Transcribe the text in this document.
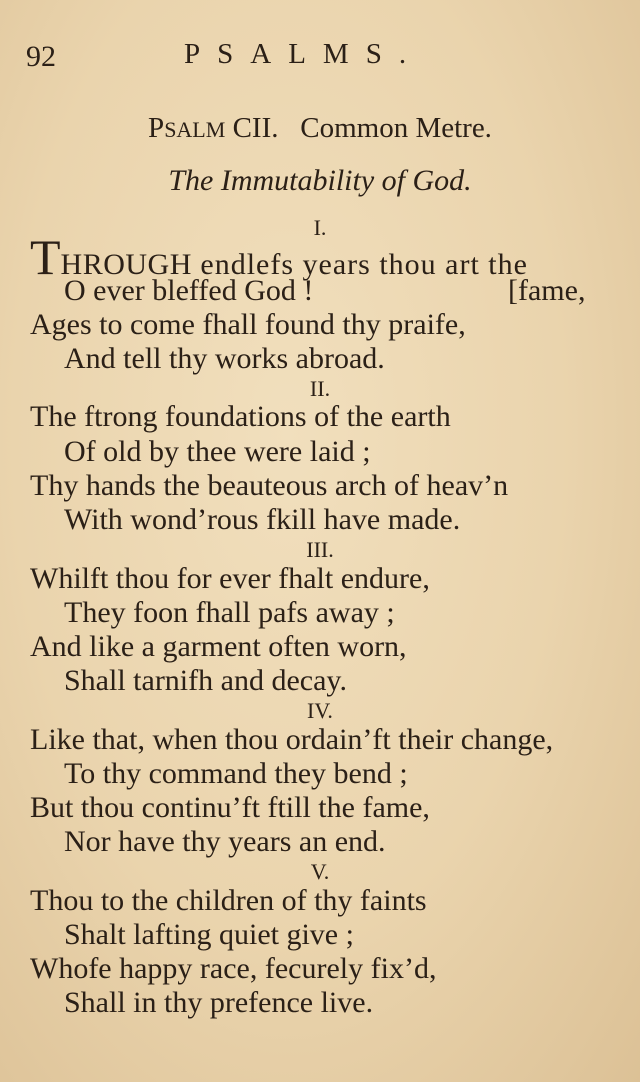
92	PSALMS.
PSALM CII. Common Metre.
The Immutability of God.
I.
THROUGH endlefs years thou art the
O ever bleffed God !	[fame,
Ages to come fhall found thy praife,
And tell thy works abroad.
II.
The ftrong foundations of the earth
Of old by thee were laid ;
Thy hands the beauteous arch of heav’n
With wond’rous fkill have made.
III.
Whilft thou for ever fhalt endure,
They foon fhall pafs away ;
And like a garment often worn,
Shall tarnifh and decay.
IV.
Like that, when thou ordain’ft their change,
To thy command they bend ;
But thou continu’ft ftill the fame,
Nor have thy years an end.
V.
Thou to the children of thy faints
Shalt lafting quiet give ;
Whofe happy race, fecurely fix’d,
Shall in thy prefence live.
